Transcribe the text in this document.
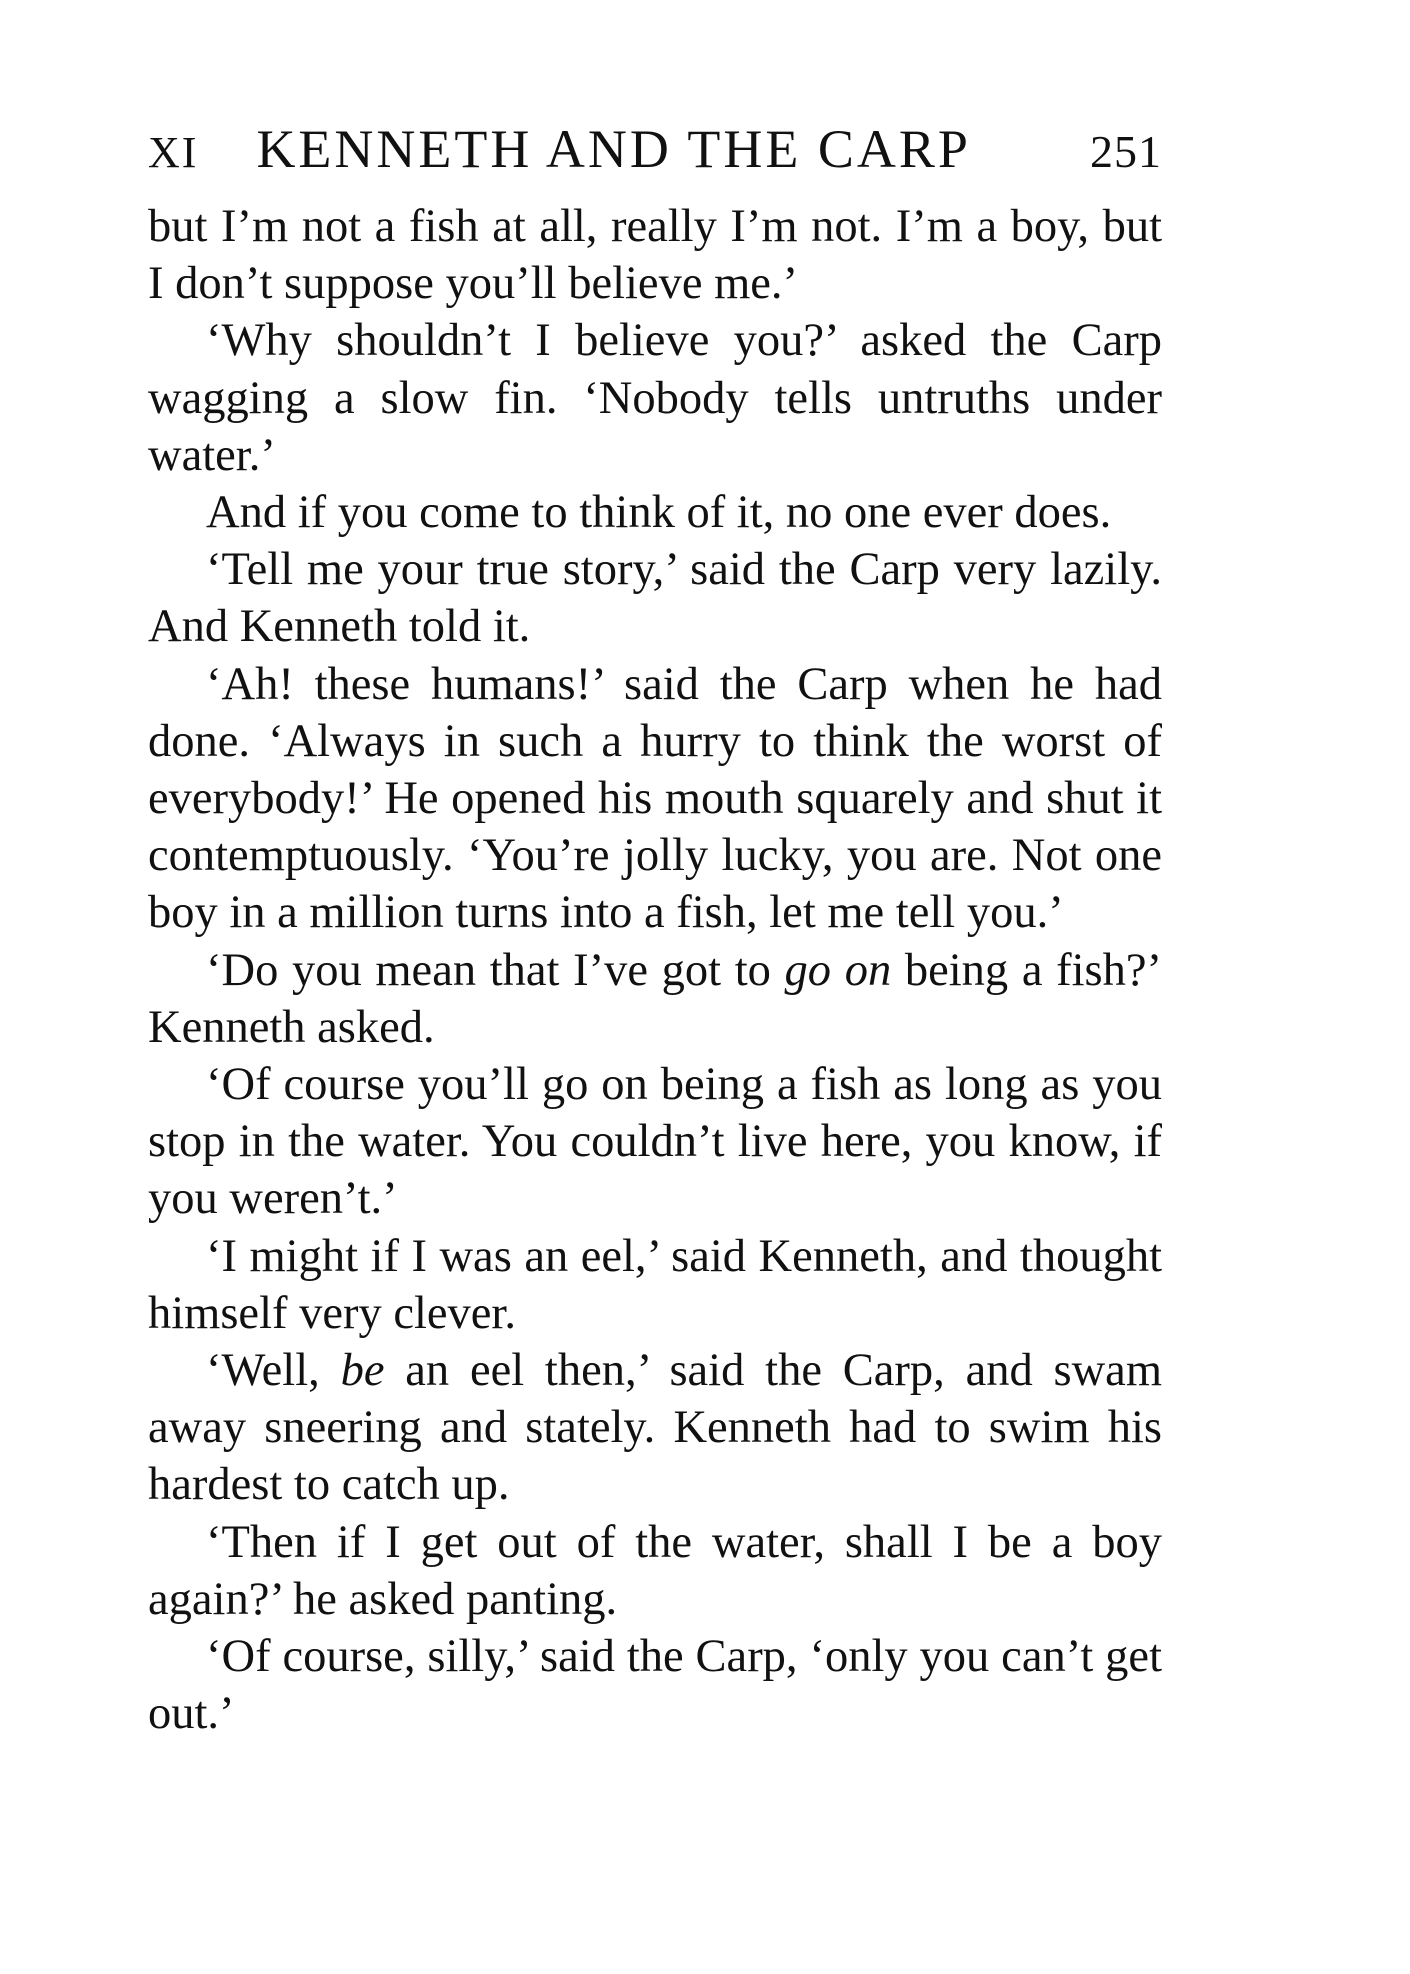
XI	KENNETH AND THE CARP	251

but I’m not a fish at all, really I’m not. I’m a boy, but I don’t suppose you’ll believe me.’

‘Why shouldn’t I believe you?’ asked the Carp wagging a slow fin. ‘Nobody tells untruths under water.’

And if you come to think of it, no one ever does.

‘Tell me your true story,’ said the Carp very lazily. And Kenneth told it.

‘Ah! these humans!’ said the Carp when he had done. ‘Always in such a hurry to think the worst of everybody!’ He opened his mouth squarely and shut it contemptuously. ‘You’re jolly lucky, you are. Not one boy in a million turns into a fish, let me tell you.’

‘Do you mean that I’ve got to go on being a fish?’ Kenneth asked.

‘Of course you’ll go on being a fish as long as you stop in the water. You couldn’t live here, you know, if you weren’t.’

‘I might if I was an eel,’ said Kenneth, and thought himself very clever.

‘Well, be an eel then,’ said the Carp, and swam away sneering and stately. Kenneth had to swim his hardest to catch up.

‘Then if I get out of the water, shall I be a boy again?’ he asked panting.

‘Of course, silly,’ said the Carp, ‘only you can’t get out.’
